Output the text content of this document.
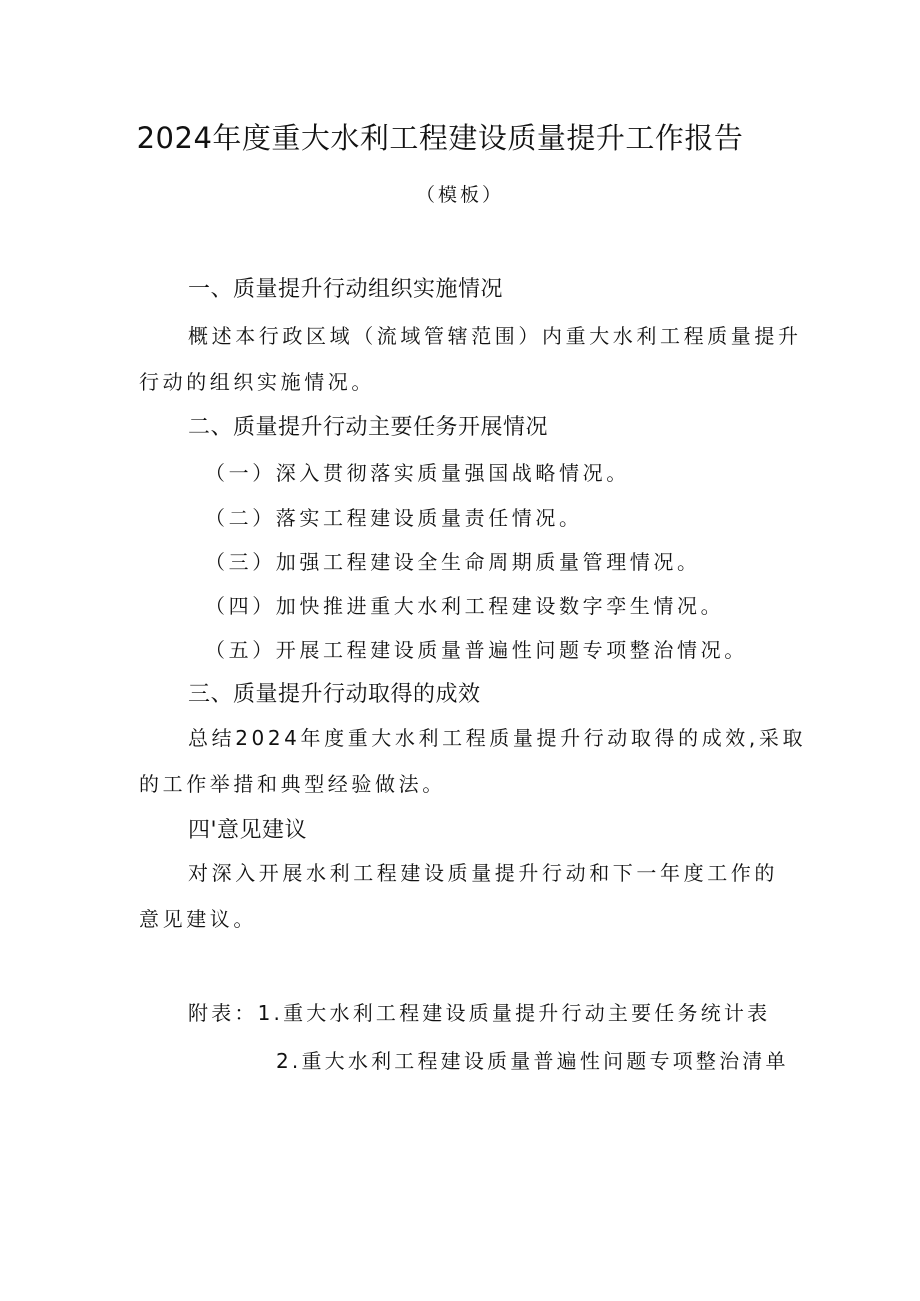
2024年度重大水利工程建设质量提升工作报告
（模板）
一、质量提升行动组织实施情况
概述本行政区域（流域管辖范围）内重大水利工程质量提升
行动的组织实施情况。
二、质量提升行动主要任务开展情况
（一）深入贯彻落实质量强国战略情况。
（二）落实工程建设质量责任情况。
（三）加强工程建设全生命周期质量管理情况。
（四）加快推进重大水利工程建设数字孪生情况。
（五）开展工程建设质量普遍性问题专项整治情况。
三、质量提升行动取得的成效
总结2024年度重大水利工程质量提升行动取得的成效,采取
的工作举措和典型经验做法。
四'意见建议
对深入开展水利工程建设质量提升行动和下一年度工作的
意见建议。
附表：1.重大水利工程建设质量提升行动主要任务统计表
2.重大水利工程建设质量普遍性问题专项整治清单
